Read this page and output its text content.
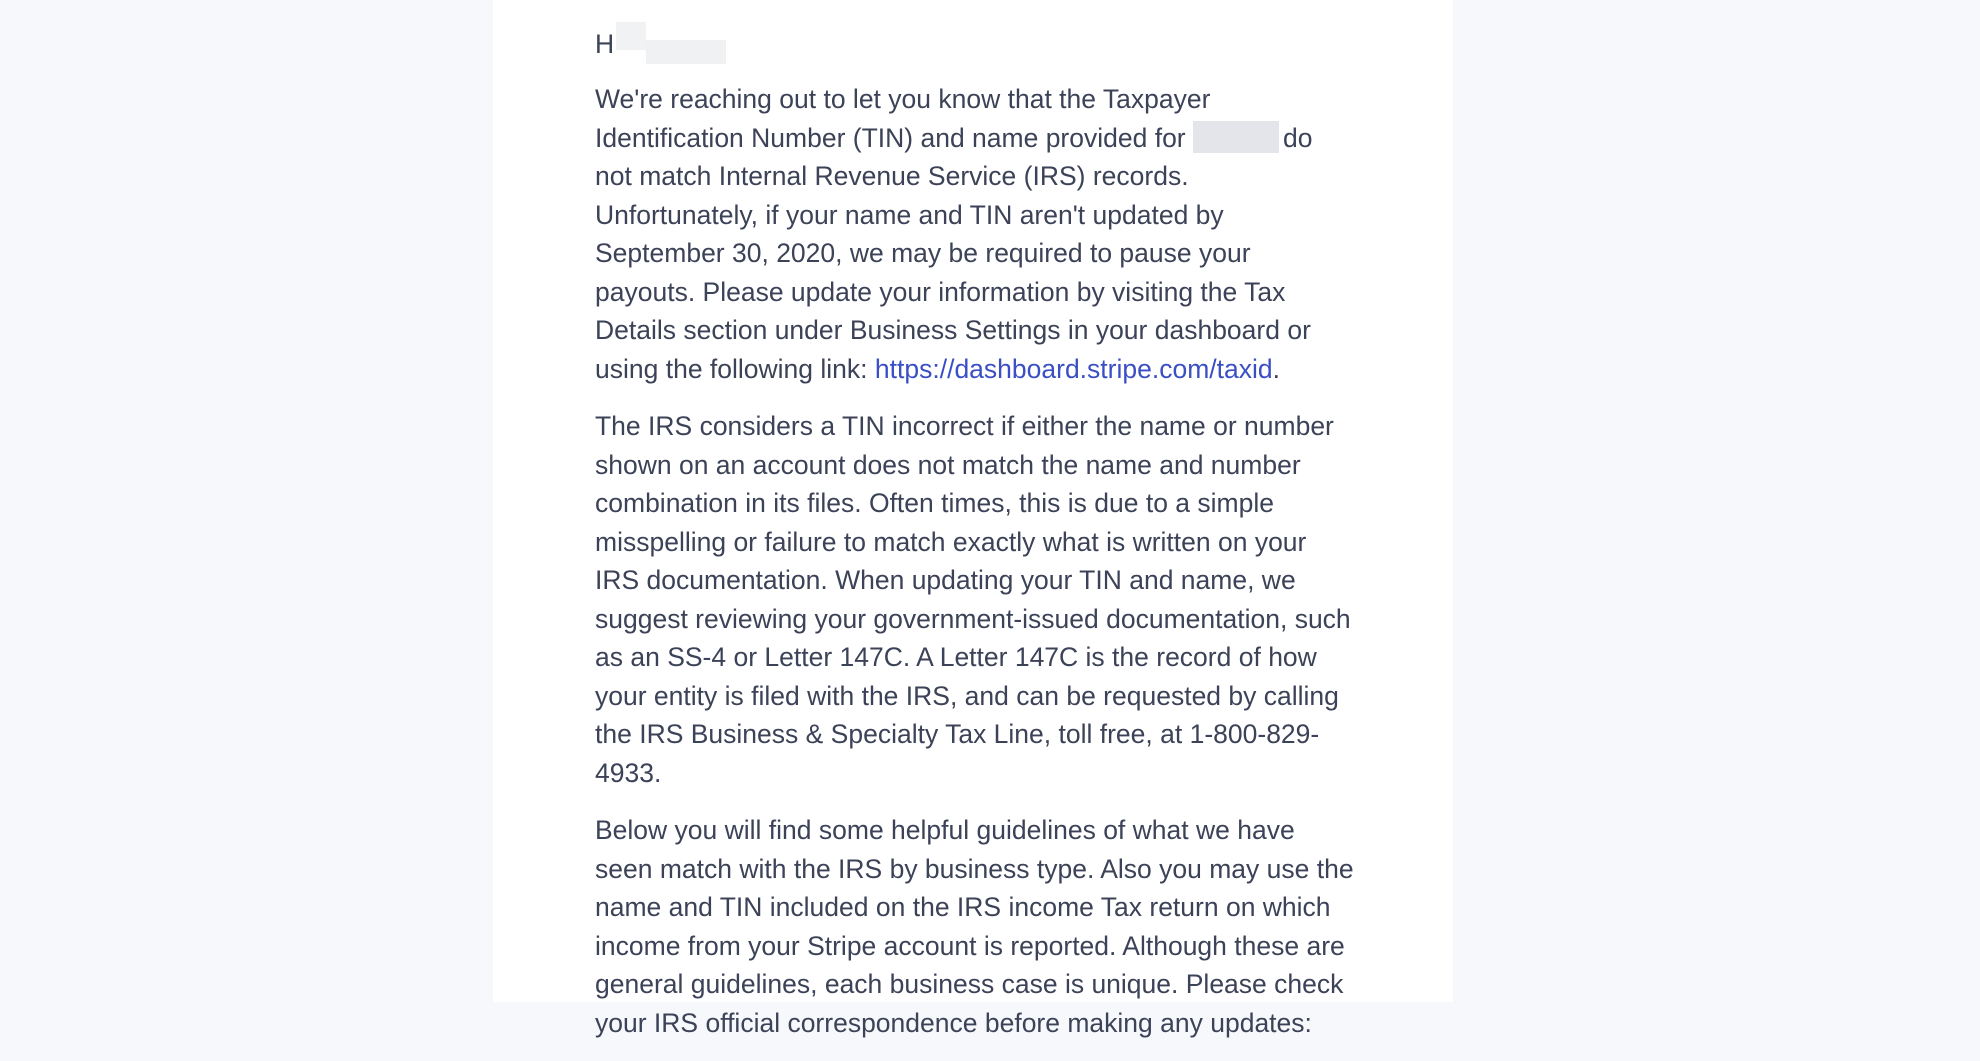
H

We're reaching out to let you know that the Taxpayer Identification Number (TIN) and name provided for	do not match Internal Revenue Service (IRS) records. Unfortunately, if your name and TIN aren't updated by September 30, 2020, we may be required to pause your payouts. Please update your information by visiting the Tax Details section under Business Settings in your dashboard or using the following link: https://dashboard.stripe.com/taxid.

The IRS considers a TIN incorrect if either the name or number shown on an account does not match the name and number combination in its files. Often times, this is due to a simple misspelling or failure to match exactly what is written on your IRS documentation. When updating your TIN and name, we suggest reviewing your government-issued documentation, such as an SS-4 or Letter 147C. A Letter 147C is the record of how your entity is filed with the IRS, and can be requested by calling the IRS Business & Specialty Tax Line, toll free, at 1-800-829-4933.

Below you will find some helpful guidelines of what we have seen match with the IRS by business type. Also you may use the name and TIN included on the IRS income Tax return on which income from your Stripe account is reported. Although these are general guidelines, each business case is unique. Please check your IRS official correspondence before making any updates:
